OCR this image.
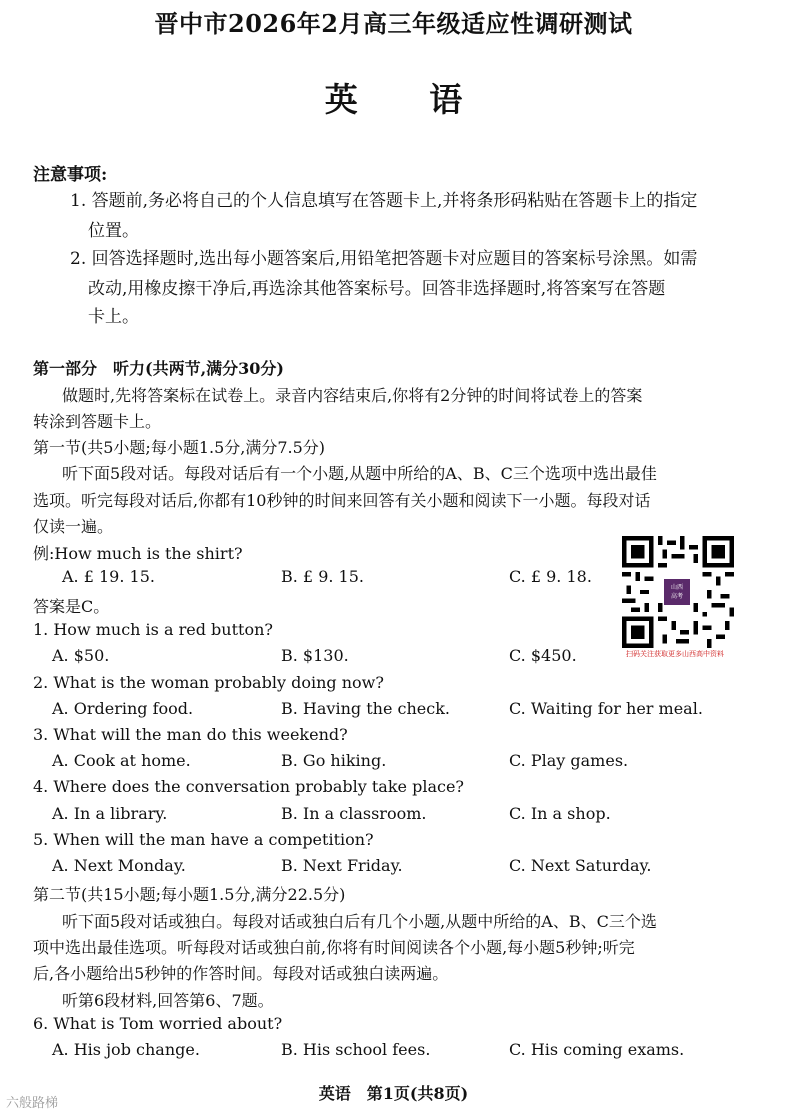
晋中市2026年2月高三年级适应性调研测试
英 语
注意事项:
1. 答题前,务必将自己的个人信息填写在答题卡上,并将条形码粘贴在答题卡上的指定
位置。
2. 回答选择题时,选出每小题答案后,用铅笔把答题卡对应题目的答案标号涂黑。如需
改动,用橡皮擦干净后,再选涂其他答案标号。回答非选择题时,将答案写在答题
卡上。
第一部分　听力(共两节,满分30分)
做题时,先将答案标在试卷上。录音内容结束后,你将有2分钟的时间将试卷上的答案
转涂到答题卡上。
第一节(共5小题;每小题1.5分,满分7.5分)
听下面5段对话。每段对话后有一个小题,从题中所给的A、B、C三个选项中选出最佳
选项。听完每段对话后,你都有10秒钟的时间来回答有关小题和阅读下一小题。每段对话
仅读一遍。
例:How much is the shirt?
A. £ 19. 15.	B. £ 9. 15.	C. £ 9. 18.
答案是C。
1. How much is a red button?
A. $50.	B. $130.	C. $450.
2. What is the woman probably doing now?
A. Ordering food.	B. Having the check.	C. Waiting for her meal.
3. What will the man do this weekend?
A. Cook at home.	B. Go hiking.	C. Play games.
4. Where does the conversation probably take place?
A. In a library.	B. In a classroom.	C. In a shop.
5. When will the man have a competition?
A. Next Monday.	B. Next Friday.	C. Next Saturday.
第二节(共15小题;每小题1.5分,满分22.5分)
听下面5段对话或独白。每段对话或独白后有几个小题,从题中所给的A、B、C三个选
项中选出最佳选项。听每段对话或独白前,你将有时间阅读各个小题,每小题5秒钟;听完
后,各小题给出5秒钟的作答时间。每段对话或独白读两遍。
听第6段材料,回答第6、7题。
6. What is Tom worried about?
A. His job change.	B. His school fees.	C. His coming exams.
山西
高考
扫码关注获取更多山西高中资料
英语　第1页(共8页)
六般路梯
